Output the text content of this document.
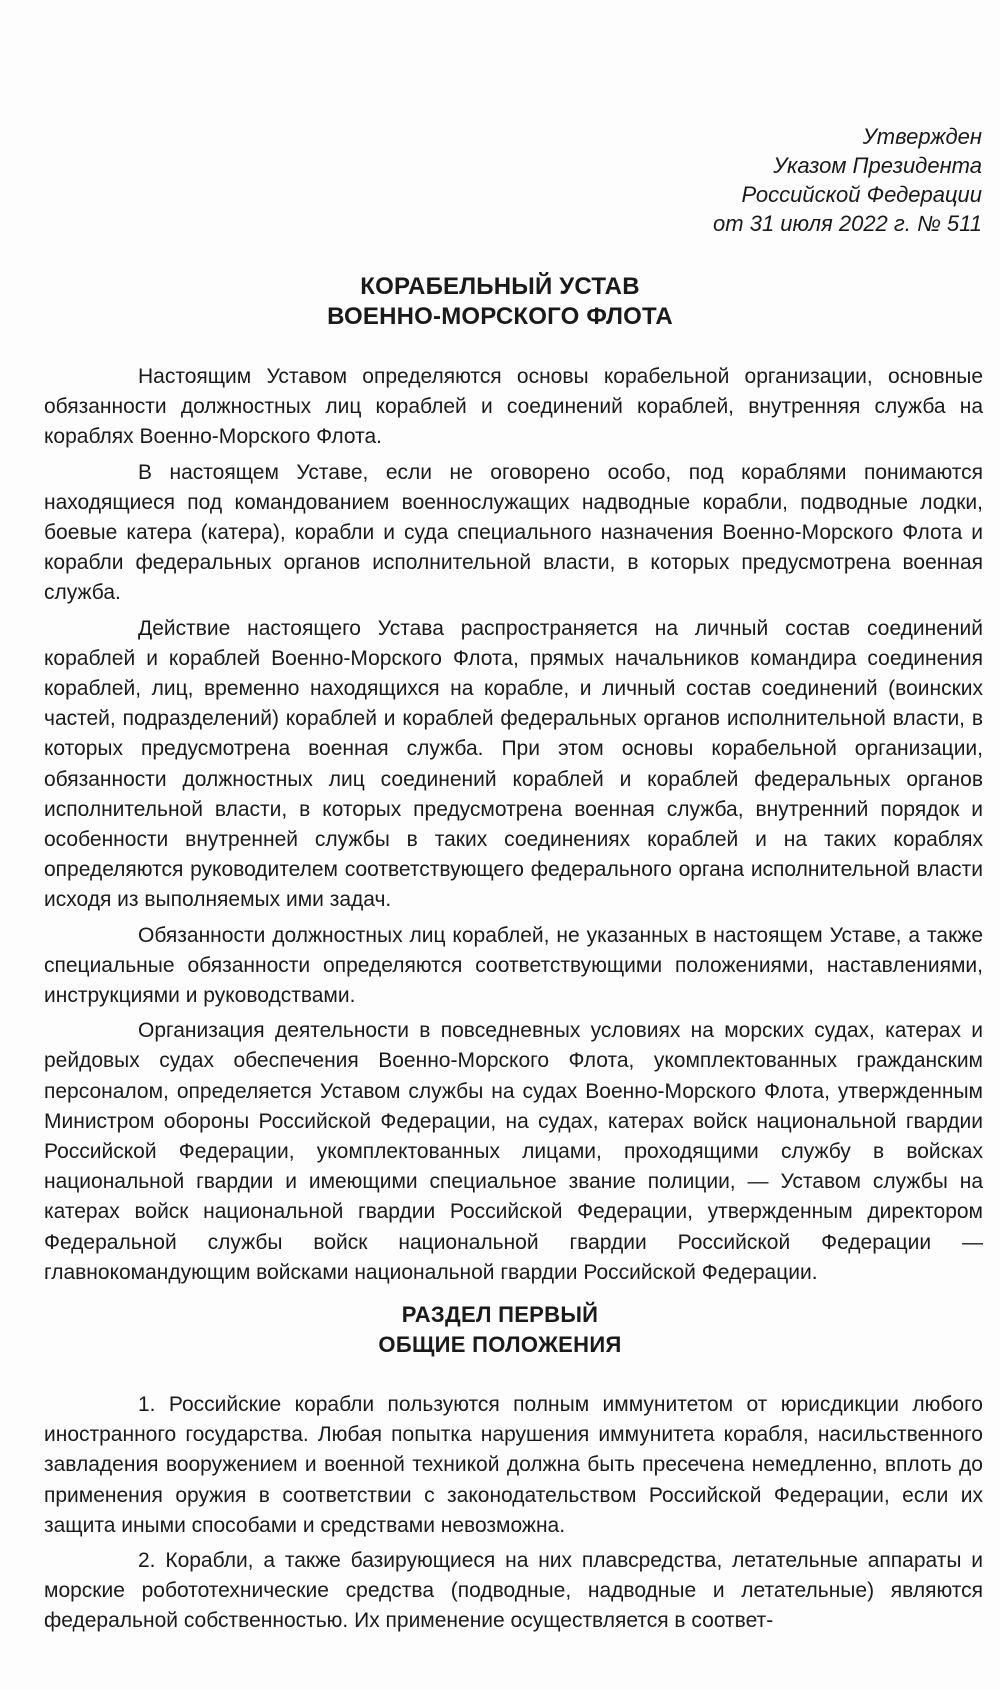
Утвержден
Указом Президента
Российской Федерации
от 31 июля 2022 г. № 511
КОРАБЕЛЬНЫЙ УСТАВ
ВОЕННО-МОРСКОГО ФЛОТА

Настоящим Уставом определяются основы корабельной организации, основные обязанности должностных лиц кораблей и соединений кораблей, внутренняя служба на кораблях Военно-Морского Флота.

В настоящем Уставе, если не оговорено особо, под кораблями понимаются находящиеся под командованием военнослужащих надводные корабли, подводные лодки, боевые катера (катера), корабли и суда специального назначения Военно-Морского Флота и корабли федеральных органов исполнительной власти, в которых предусмотрена военная служба.

Действие настоящего Устава распространяется на личный состав соединений кораблей и кораблей Военно-Морского Флота, прямых начальников командира соединения кораблей, лиц, временно находящихся на корабле, и личный состав соединений (воинских частей, подразделений) кораблей и кораблей федеральных органов исполнительной власти, в которых предусмотрена военная служба. При этом основы корабельной организации, обязанности должностных лиц соединений кораблей и кораблей федеральных органов исполнительной власти, в которых предусмотрена военная служба, внутренний порядок и особенности внутренней службы в таких соединениях кораблей и на таких кораблях определяются руководителем соответствующего федерального органа исполнительной власти исходя из выполняемых ими задач.

Обязанности должностных лиц кораблей, не указанных в настоящем Уставе, а также специальные обязанности определяются соответствующими положениями, наставлениями, инструкциями и руководствами.

Организация деятельности в повседневных условиях на морских судах, катерах и рейдовых судах обеспечения Военно-Морского Флота, укомплектованных гражданским персоналом, определяется Уставом службы на судах Военно-Морского Флота, утвержденным Министром обороны Российской Федерации, на судах, катерах войск национальной гвардии Российской Федерации, укомплектованных лицами, проходящими службу в войсках национальной гвардии и имеющими специальное звание полиции, — Уставом службы на катерах войск национальной гвардии Российской Федерации, утвержденным директором Федеральной службы войск национальной гвардии Российской Федерации — главнокомандующим войсками национальной гвардии Российской Федерации.

РАЗДЕЛ ПЕРВЫЙ
ОБЩИЕ ПОЛОЖЕНИЯ

1. Российские корабли пользуются полным иммунитетом от юрисдикции любого иностранного государства. Любая попытка нарушения иммунитета корабля, насильственного завладения вооружением и военной техникой должна быть пресечена немедленно, вплоть до применения оружия в соответствии с законодательством Российской Федерации, если их защита иными способами и средствами невозможна.

2. Корабли, а также базирующиеся на них плавсредства, летательные аппараты и морские робототехнические средства (подводные, надводные и летательные) являются федеральной собственностью. Их применение осуществляется в соответ-
